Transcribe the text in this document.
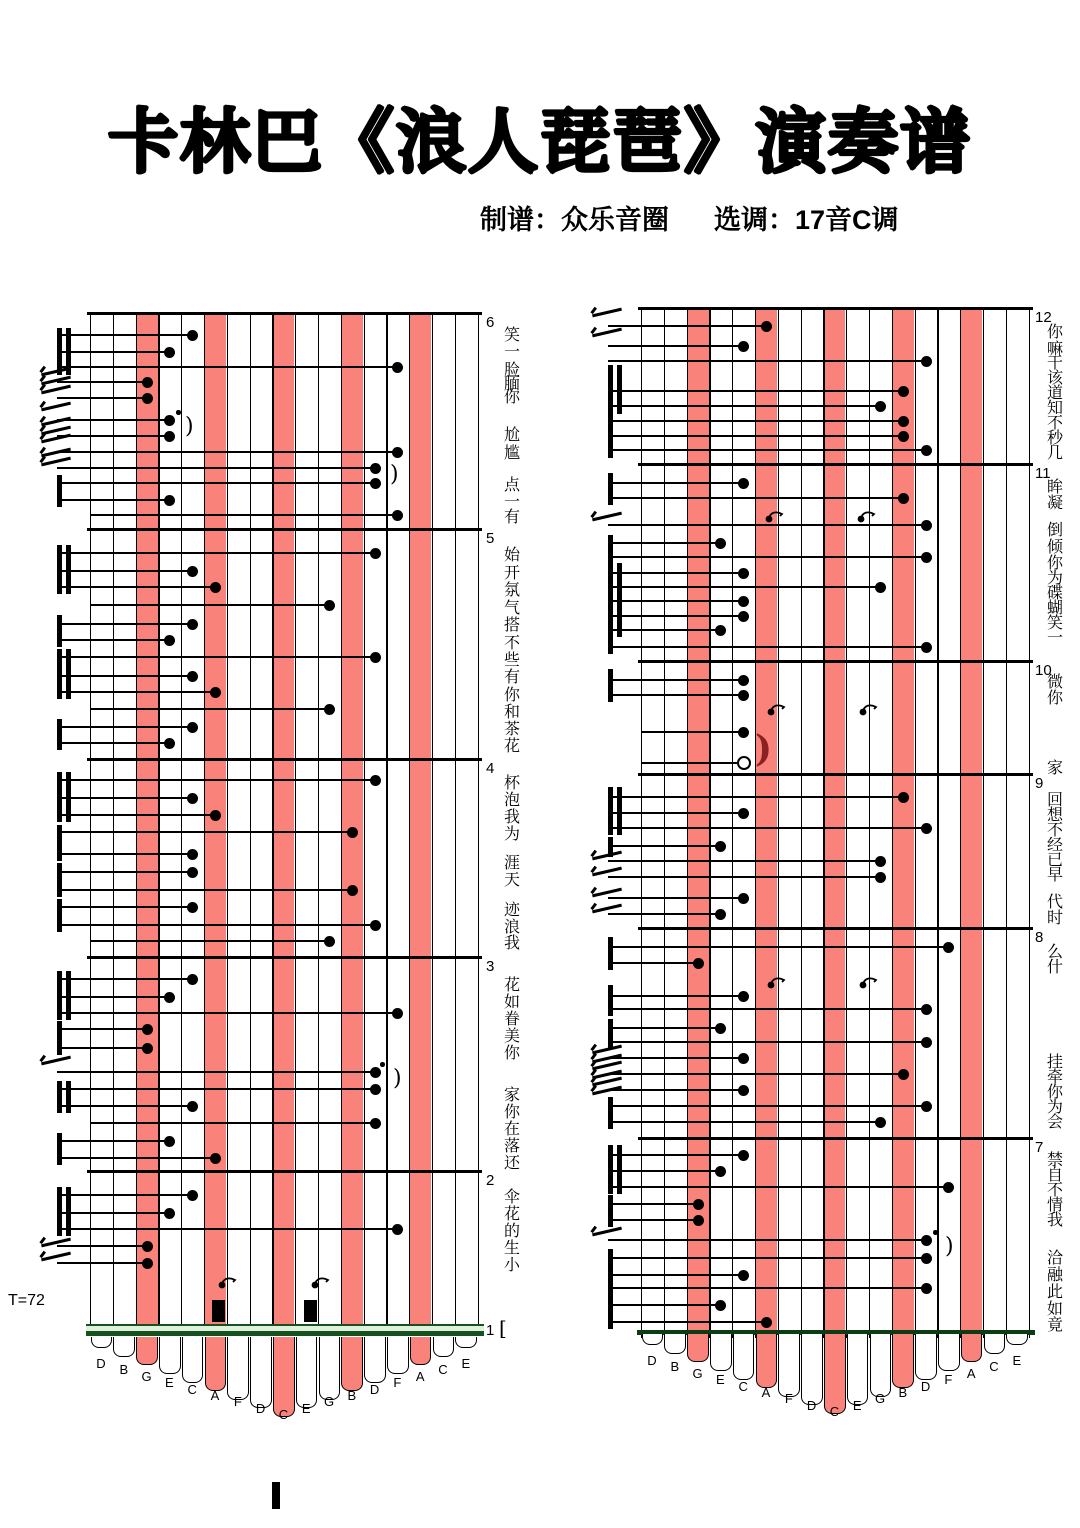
卡林巴《浪人琵琶》演奏谱
制谱：众乐音圈      选调：17音C调
T=72
6
5
4
3
2
)
)
)
1 [
D	B	G	E	C	A	F	D	C	E	G	B	D	F	A	C	E
笑
一
脸
腼
你
尬
尴
点
一
有
始
开
氛
气
搭
不
些
有
你
和
茶
花
杯
泡
我
为
涯
天
迹
浪
我
花
如
眷
美
你
家
你
在
落
还
伞
花
的
生
小
12
11
10
9
8
7
)
)
D	B	G	E	C	A	F	D	C	E	G	B	D	F	A	C	E
你
嘛
干
该
道
知
不
秒
几
眸
凝
倒
倾
你
为
碟
蝴
笑
一
微
你
家
回
想
不
经
已
早
代
时
么
什
挂
牵
你
为
会
禁
自
不
情
我
洽
融
此
如
竟
